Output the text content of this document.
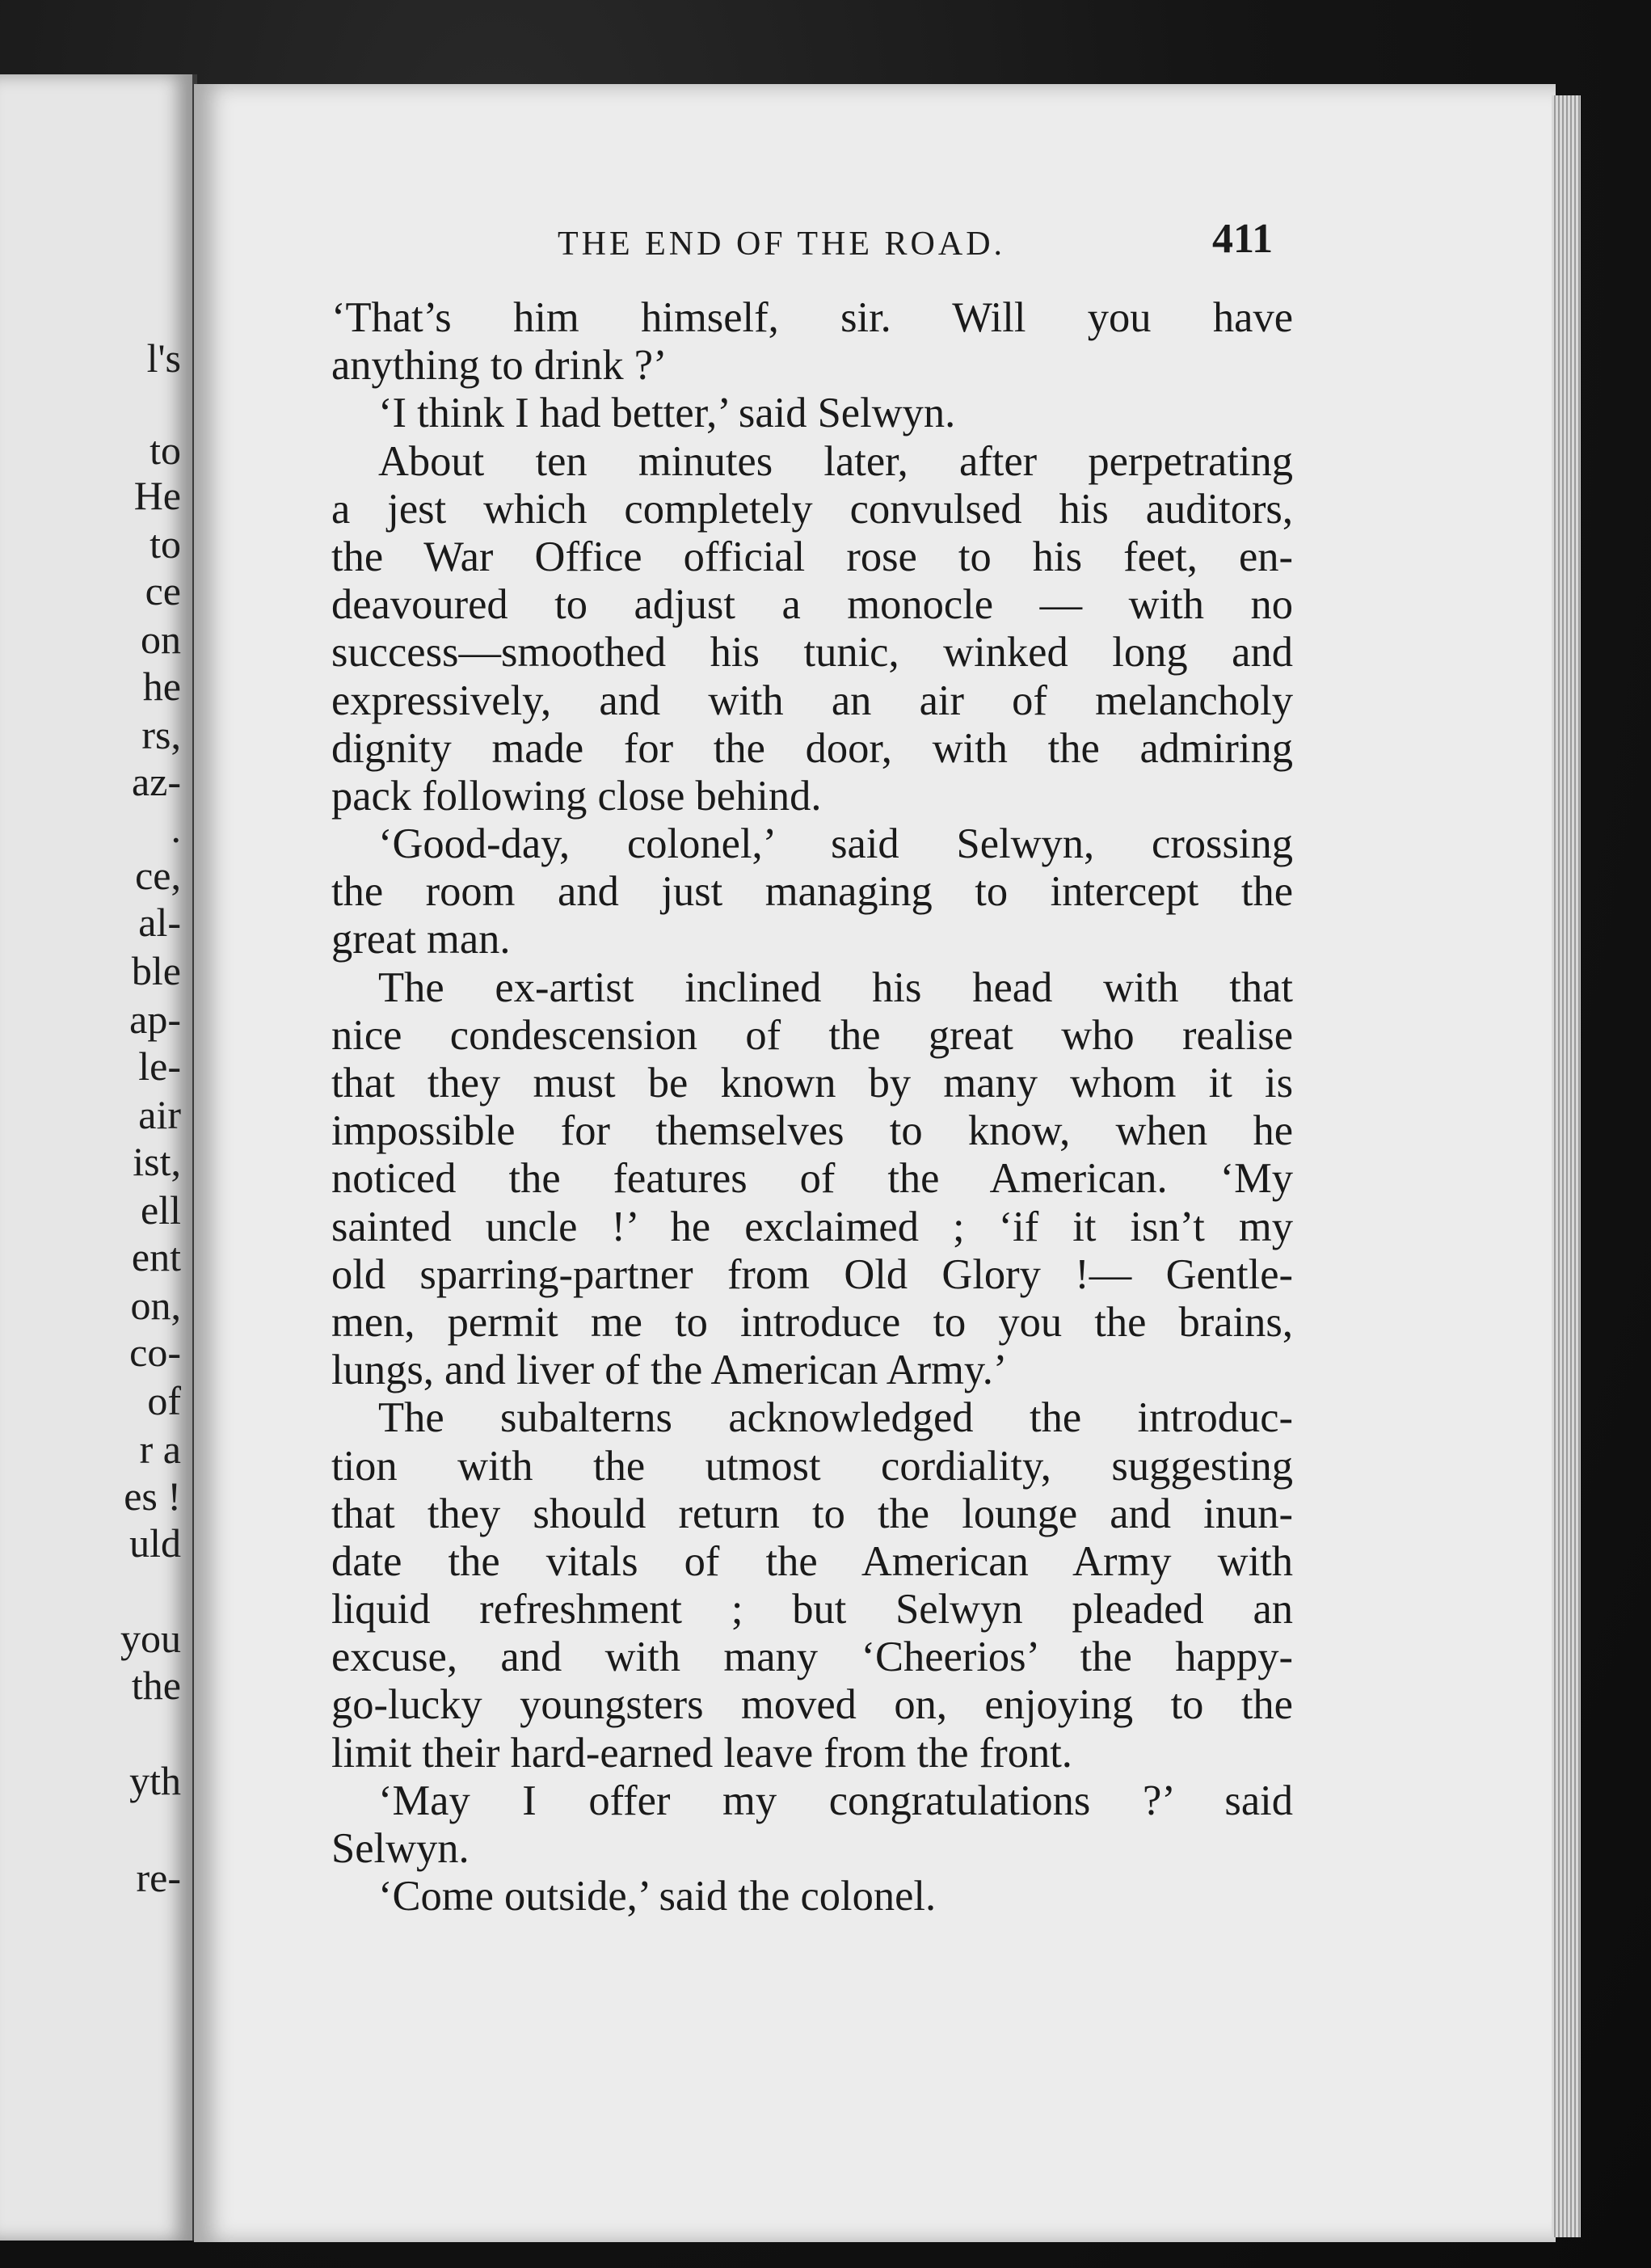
l's
to
He
to
ce
on
he
rs,
az-
.
ce,
al-
ble
ap-
le-
air
ist,
ell
ent
on,
co-
of
r a
es !
uld
you
the
yth
re-
THE END OF THE ROAD.	411
‘That’s him himself, sir. Will you have
anything to drink ?’
‘I think I had better,’ said Selwyn.
About ten minutes later, after perpetrating
a jest which completely convulsed his auditors,
the War Office official rose to his feet, en-
deavoured to adjust a monocle — with no
success—smoothed his tunic, winked long and
expressively, and with an air of melancholy
dignity made for the door, with the admiring
pack following close behind.
‘Good-day, colonel,’ said Selwyn, crossing
the room and just managing to intercept the
great man.
The ex-artist inclined his head with that
nice condescension of the great who realise
that they must be known by many whom it is
impossible for themselves to know, when he
noticed the features of the American. ‘My
sainted uncle !’ he exclaimed ; ‘if it isn’t my
old sparring-partner from Old Glory !— Gentle-
men, permit me to introduce to you the brains,
lungs, and liver of the American Army.’
The subalterns acknowledged the introduc-
tion with the utmost cordiality, suggesting
that they should return to the lounge and inun-
date the vitals of the American Army with
liquid refreshment ; but Selwyn pleaded an
excuse, and with many ‘Cheerios’ the happy-
go-lucky youngsters moved on, enjoying to the
limit their hard-earned leave from the front.
‘May I offer my congratulations ?’ said
Selwyn.
‘Come outside,’ said the colonel.
